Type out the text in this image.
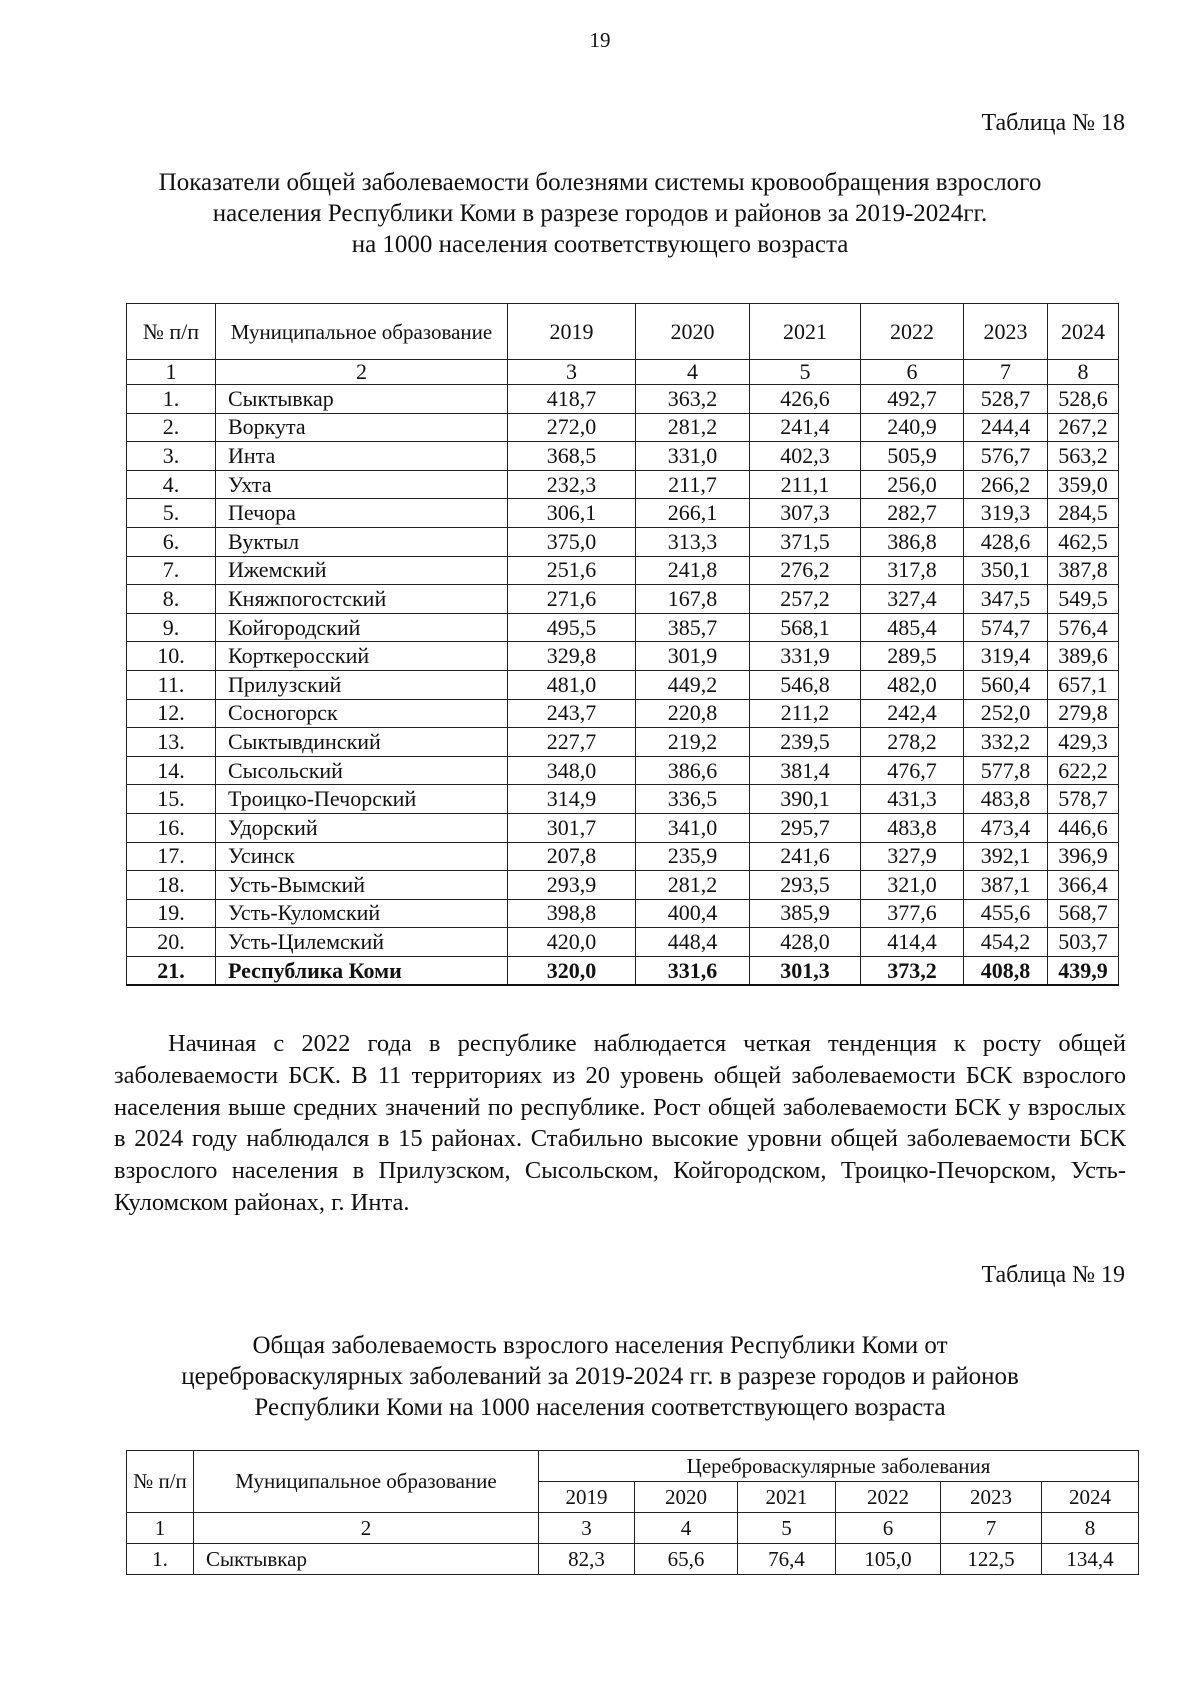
19
Таблица № 18
Показатели общей заболеваемости болезнями системы кровообращения взрослого
населения Республики Коми в разрезе городов и районов за 2019-2024гг.
на 1000 населения соответствующего возраста
№ п/п	Муниципальное образование	2019	2020	2021	2022	2023	2024
1	2	3	4	5	6	7	8
1.	Сыктывкар	418,7	363,2	426,6	492,7	528,7	528,6
2.	Воркута	272,0	281,2	241,4	240,9	244,4	267,2
3.	Инта	368,5	331,0	402,3	505,9	576,7	563,2
4.	Ухта	232,3	211,7	211,1	256,0	266,2	359,0
5.	Печора	306,1	266,1	307,3	282,7	319,3	284,5
6.	Вуктыл	375,0	313,3	371,5	386,8	428,6	462,5
7.	Ижемский	251,6	241,8	276,2	317,8	350,1	387,8
8.	Княжпогостский	271,6	167,8	257,2	327,4	347,5	549,5
9.	Койгородский	495,5	385,7	568,1	485,4	574,7	576,4
10.	Корткеросский	329,8	301,9	331,9	289,5	319,4	389,6
11.	Прилузский	481,0	449,2	546,8	482,0	560,4	657,1
12.	Сосногорск	243,7	220,8	211,2	242,4	252,0	279,8
13.	Сыктывдинский	227,7	219,2	239,5	278,2	332,2	429,3
14.	Сысольский	348,0	386,6	381,4	476,7	577,8	622,2
15.	Троицко-Печорский	314,9	336,5	390,1	431,3	483,8	578,7
16.	Удорский	301,7	341,0	295,7	483,8	473,4	446,6
17.	Усинск	207,8	235,9	241,6	327,9	392,1	396,9
18.	Усть-Вымский	293,9	281,2	293,5	321,0	387,1	366,4
19.	Усть-Куломский	398,8	400,4	385,9	377,6	455,6	568,7
20.	Усть-Цилемский	420,0	448,4	428,0	414,4	454,2	503,7
21.	Республика Коми	320,0	331,6	301,3	373,2	408,8	439,9

Начиная с 2022 года в республике наблюдается четкая тенденция к росту общей заболеваемости БСК. В 11 территориях из 20 уровень общей заболеваемости БСК взрослого населения выше средних значений по республике. Рост общей заболеваемости БСК у взрослых в 2024 году наблюдался в 15 районах. Стабильно высокие уровни общей заболеваемости БСК взрослого населения в Прилузском, Сысольском, Койгородском, Троицко-Печорском, Усть-Куломском районах, г. Инта.

Таблица № 19
Общая заболеваемость взрослого населения Республики Коми от
цереброваскулярных заболеваний за 2019-2024 гг. в разрезе городов и районов
Республики Коми на 1000 населения соответствующего возраста
№ п/п	Муниципальное образование	Цереброваскулярные заболевания					
		2019	2020	2021	2022	2023	2024
1	2	3	4	5	6	7	8
1.	Сыктывкар	82,3	65,6	76,4	105,0	122,5	134,4
